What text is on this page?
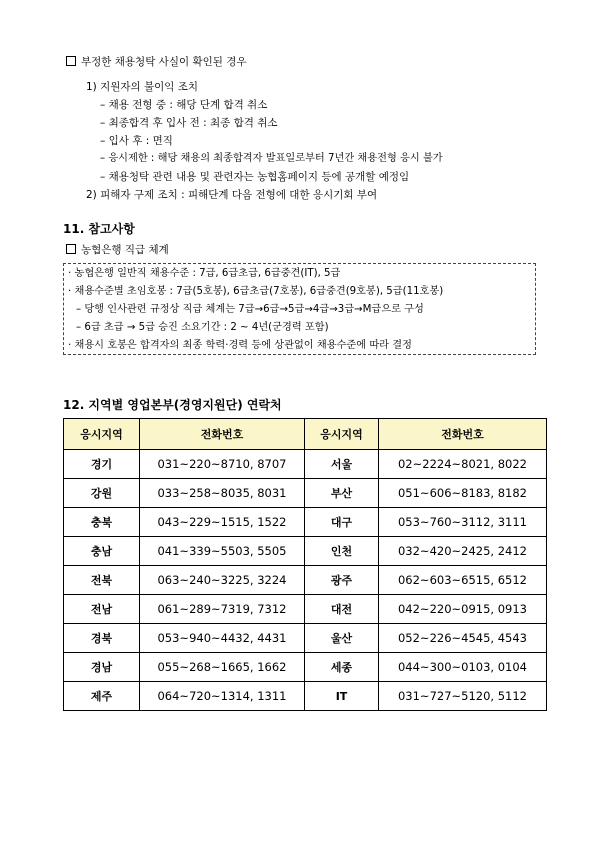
부정한 채용청탁 사실이 확인된 경우
1) 지원자의 불이익 조치
– 채용 전형 중 : 해당 단계 합격 취소
– 최종합격 후 입사 전 : 최종 합격 취소
– 입사 후 : 면직
– 응시제한 : 해당 채용의 최종합격자 발표일로부터 7년간 채용전형 응시 불가
– 채용청탁 관련 내용 및 관련자는 농협홈페이지 등에 공개할 예정임
2) 피해자 구제 조치 : 피해단계 다음 전형에 대한 응시기회 부여
11. 참고사항
농협은행 직급 체계
· 농협은행 일반직 채용수준 : 7급, 6급초급, 6급중견(IT), 5급
· 채용수준별 초임호봉 : 7급(5호봉), 6급초급(7호봉), 6급중견(9호봉), 5급(11호봉)
– 당행 인사관련 규정상 직급 체계는 7급→6급→5급→4급→3급→M급으로 구성
– 6급 초급 → 5급 승진 소요기간 : 2 ~ 4년(군경력 포함)
· 채용시 호봉은 합격자의 최종 학력·경력 등에 상관없이 채용수준에 따라 결정
12. 지역별 영업본부(경영지원단) 연락처
응시지역	전화번호	응시지역	전화번호
경기	031~220~8710, 8707	서울	02~2224~8021, 8022
강원	033~258~8035, 8031	부산	051~606~8183, 8182
충북	043~229~1515, 1522	대구	053~760~3112, 3111
충남	041~339~5503, 5505	인천	032~420~2425, 2412
전북	063~240~3225, 3224	광주	062~603~6515, 6512
전남	061~289~7319, 7312	대전	042~220~0915, 0913
경북	053~940~4432, 4431	울산	052~226~4545, 4543
경남	055~268~1665, 1662	세종	044~300~0103, 0104
제주	064~720~1314, 1311	IT	031~727~5120, 5112
